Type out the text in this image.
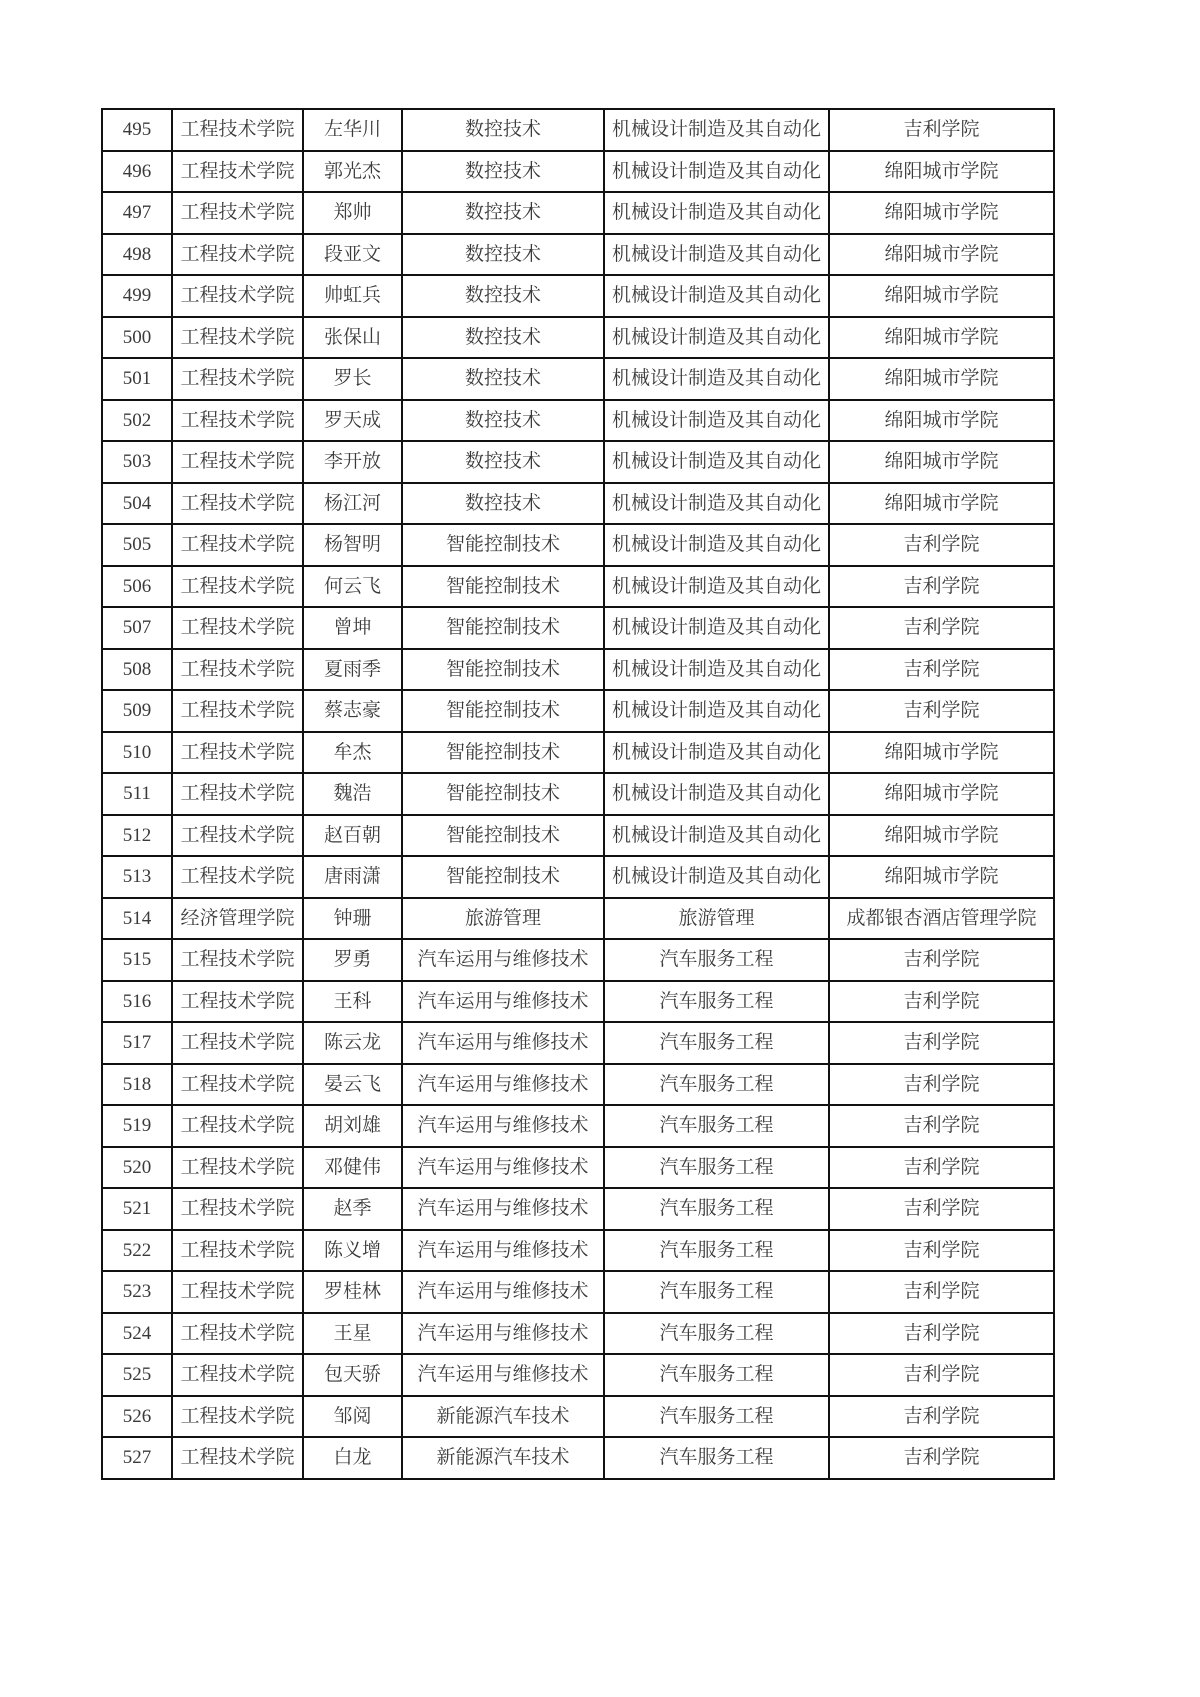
495	工程技术学院	左华川	数控技术	机械设计制造及其自动化	吉利学院
496	工程技术学院	郭光杰	数控技术	机械设计制造及其自动化	绵阳城市学院
497	工程技术学院	郑帅	数控技术	机械设计制造及其自动化	绵阳城市学院
498	工程技术学院	段亚文	数控技术	机械设计制造及其自动化	绵阳城市学院
499	工程技术学院	帅虹兵	数控技术	机械设计制造及其自动化	绵阳城市学院
500	工程技术学院	张保山	数控技术	机械设计制造及其自动化	绵阳城市学院
501	工程技术学院	罗长	数控技术	机械设计制造及其自动化	绵阳城市学院
502	工程技术学院	罗天成	数控技术	机械设计制造及其自动化	绵阳城市学院
503	工程技术学院	李开放	数控技术	机械设计制造及其自动化	绵阳城市学院
504	工程技术学院	杨江河	数控技术	机械设计制造及其自动化	绵阳城市学院
505	工程技术学院	杨智明	智能控制技术	机械设计制造及其自动化	吉利学院
506	工程技术学院	何云飞	智能控制技术	机械设计制造及其自动化	吉利学院
507	工程技术学院	曾坤	智能控制技术	机械设计制造及其自动化	吉利学院
508	工程技术学院	夏雨季	智能控制技术	机械设计制造及其自动化	吉利学院
509	工程技术学院	蔡志豪	智能控制技术	机械设计制造及其自动化	吉利学院
510	工程技术学院	牟杰	智能控制技术	机械设计制造及其自动化	绵阳城市学院
511	工程技术学院	魏浩	智能控制技术	机械设计制造及其自动化	绵阳城市学院
512	工程技术学院	赵百朝	智能控制技术	机械设计制造及其自动化	绵阳城市学院
513	工程技术学院	唐雨潇	智能控制技术	机械设计制造及其自动化	绵阳城市学院
514	经济管理学院	钟珊	旅游管理	旅游管理	成都银杏酒店管理学院
515	工程技术学院	罗勇	汽车运用与维修技术	汽车服务工程	吉利学院
516	工程技术学院	王科	汽车运用与维修技术	汽车服务工程	吉利学院
517	工程技术学院	陈云龙	汽车运用与维修技术	汽车服务工程	吉利学院
518	工程技术学院	晏云飞	汽车运用与维修技术	汽车服务工程	吉利学院
519	工程技术学院	胡刘雄	汽车运用与维修技术	汽车服务工程	吉利学院
520	工程技术学院	邓健伟	汽车运用与维修技术	汽车服务工程	吉利学院
521	工程技术学院	赵季	汽车运用与维修技术	汽车服务工程	吉利学院
522	工程技术学院	陈义增	汽车运用与维修技术	汽车服务工程	吉利学院
523	工程技术学院	罗桂林	汽车运用与维修技术	汽车服务工程	吉利学院
524	工程技术学院	王星	汽车运用与维修技术	汽车服务工程	吉利学院
525	工程技术学院	包天骄	汽车运用与维修技术	汽车服务工程	吉利学院
526	工程技术学院	邹阅	新能源汽车技术	汽车服务工程	吉利学院
527	工程技术学院	白龙	新能源汽车技术	汽车服务工程	吉利学院
